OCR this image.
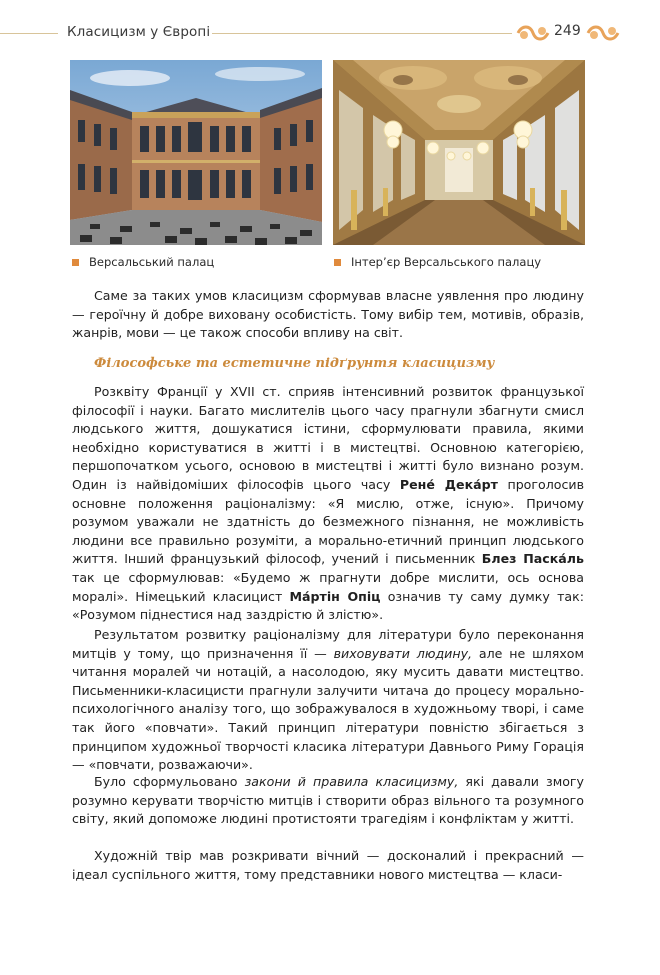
Класицизм у Європі	249
Версальський палац	Інтер’єр Версальського палацу

Саме за таких умов класицизм сформував власне уявлення про людину — героїчну й добре виховану особистість. Тому вибір тем, мотивів, образів, жанрів, мови — це також способи впливу на світ.

Філософське та естетичне підґрунтя класицизму

Розквіту Франції у XVII ст. сприяв інтенсивний розвиток французької філософії і науки. Багато мислителів цього часу прагнули збагнути смисл людського життя, дошукатися істини, сформулювати правила, якими необхідно користуватися в житті і в мистецтві. Основною категорією, першопочатком усього, основою в мистецтві і житті було визнано розум. Один із найвідоміших філософів цього часу Рене́ Дека́рт проголосив основне положення раціоналізму: «Я мислю, отже, існую». Причому розумом уважали не здатність до безмежного пізнання, не можливість людини все правильно розуміти, а морально-етичний принцип людського життя. Інший французький філософ, учений і письменник Блез Паска́ль так це сформулював: «Будемо ж прагнути добре мислити, ось основа моралі». Німецький класицист Ма́ртін Опіц означив ту саму думку так: «Розумом піднестися над заздрістю й злістю».

Результатом розвитку раціоналізму для літератури було переконання митців у тому, що призначення її — виховувати людину, але не шляхом читання моралей чи нотацій, а насолодою, яку мусить давати мистецтво. Письменники-класицисти прагнули залучити читача до процесу морально-психологічного аналізу того, що зображувалося в художньому творі, і саме так його «повчати». Такий принцип літератури повністю збігається з принципом художньої творчості класика літератури Давнього Риму Горація — «повчати, розважаючи».

Було сформульовано закони й правила класицизму, які давали змогу розумно керувати творчістю митців і створити образ вільного та розумного світу, який допоможе людині протистояти трагедіям і конфліктам у житті.

Художній твір мав розкривати вічний — досконалий і прекрасний — ідеал суспільного життя, тому представники нового мистецтва — класи-
